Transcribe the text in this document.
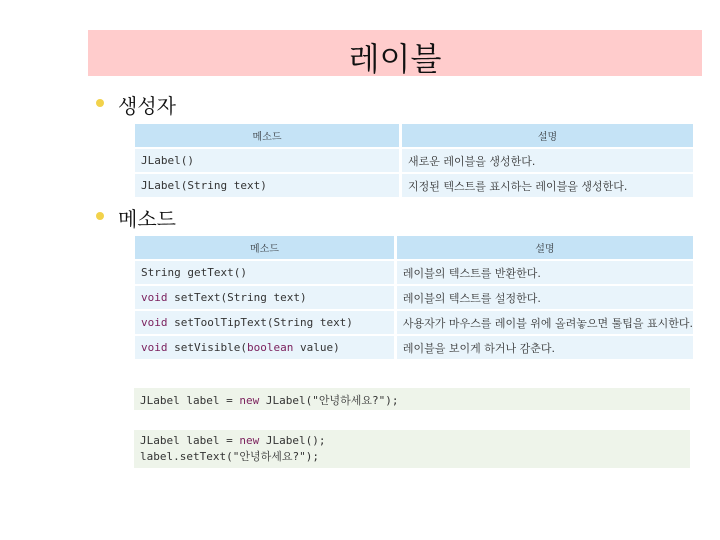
레이블
생성자
메소드	설명
JLabel()	새로운 레이블을 생성한다.
JLabel(String text)	지정된 텍스트를 표시하는 레이블을 생성한다.
메소드
메소드	설명
String getText()	레이블의 텍스트를 반환한다.
void setText(String text)	레이블의 텍스트를 설정한다.
void setToolTipText(String text)	사용자가 마우스를 레이블 위에 올려놓으면 툴팁을 표시한다.
void setVisible(boolean value)	레이블을 보이게 하거나 감춘다.
JLabel label = new JLabel("안녕하세요?");
JLabel label = new JLabel();
label.setText("안녕하세요?");
